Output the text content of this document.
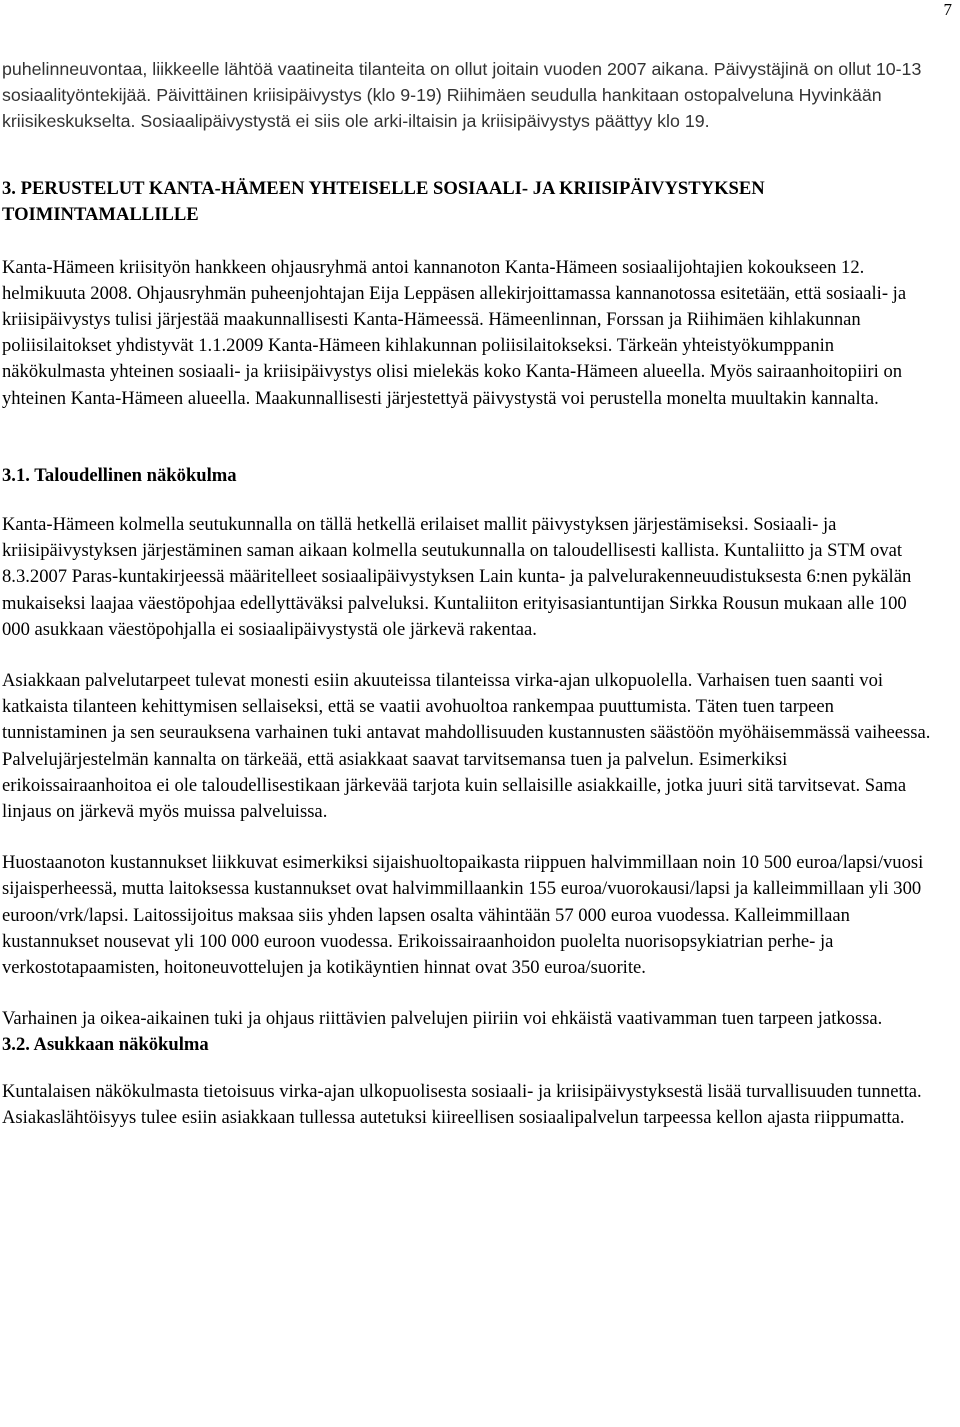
7

puhelinneuvontaa, liikkeelle lähtöä vaatineita tilanteita on ollut joitain vuoden 2007 aikana. Päivystäjinä on ollut 10-13 sosiaalityöntekijää. Päivittäinen kriisipäivystys (klo 9-19) Riihimäen seudulla hankitaan ostopalveluna Hyvinkään kriisikeskukselta. Sosiaalipäivystystä ei siis ole arki-iltaisin ja kriisipäivystys päättyy klo 19.

3. PERUSTELUT KANTA-HÄMEEN YHTEISELLE SOSIAALI- JA KRIISIPÄIVYSTYKSEN TOIMINTAMALLILLE

Kanta-Hämeen kriisityön hankkeen ohjausryhmä antoi kannanoton Kanta-Hämeen sosiaalijohtajien kokoukseen 12. helmikuuta 2008. Ohjausryhmän puheenjohtajan Eija Leppäsen allekirjoittamassa kannanotossa esitetään, että sosiaali- ja kriisipäivystys tulisi järjestää maakunnallisesti Kanta-Hämeessä. Hämeenlinnan, Forssan ja Riihimäen kihlakunnan poliisilaitokset yhdistyvät 1.1.2009 Kanta-Hämeen kihlakunnan poliisilaitokseksi. Tärkeän yhteistyökumppanin näkökulmasta yhteinen sosiaali- ja kriisipäivystys olisi mielekäs koko Kanta-Hämeen alueella. Myös sairaanhoitopiiri on yhteinen Kanta-Hämeen alueella. Maakunnallisesti järjestettyä päivystystä voi perustella monelta muultakin kannalta.

3.1. Taloudellinen näkökulma

Kanta-Hämeen kolmella seutukunnalla on tällä hetkellä erilaiset mallit päivystyksen järjestämiseksi. Sosiaali- ja kriisipäivystyksen järjestäminen saman aikaan kolmella seutukunnalla on taloudellisesti kallista. Kuntaliitto ja STM ovat 8.3.2007 Paras-kuntakirjeessä määritelleet sosiaalipäivystyksen Lain kunta- ja palvelurakenneuudistuksesta 6:nen pykälän mukaiseksi laajaa väestöpohjaa edellyttäväksi palveluksi. Kuntaliiton erityisasiantuntijan Sirkka Rousun mukaan alle 100 000 asukkaan väestöpohjalla ei sosiaalipäivystystä ole järkevä rakentaa.

Asiakkaan palvelutarpeet tulevat monesti esiin akuuteissa tilanteissa virka-ajan ulkopuolella. Varhaisen tuen saanti voi katkaista tilanteen kehittymisen sellaiseksi, että se vaatii avohuoltoa rankempaa puuttumista. Täten tuen tarpeen tunnistaminen ja sen seurauksena varhainen tuki antavat mahdollisuuden kustannusten säästöön myöhäisemmässä vaiheessa. Palvelujärjestelmän kannalta on tärkeää, että asiakkaat saavat tarvitsemansa tuen ja palvelun. Esimerkiksi erikoissairaanhoitoa ei ole taloudellisestikaan järkevää tarjota kuin sellaisille asiakkaille, jotka juuri sitä tarvitsevat. Sama linjaus on järkevä myös muissa palveluissa.

Huostaanoton kustannukset liikkuvat esimerkiksi sijaishuoltopaikasta riippuen halvimmillaan noin 10 500 euroa/lapsi/vuosi sijaisperheessä, mutta laitoksessa kustannukset ovat halvimmillaankin 155 euroa/vuorokausi/lapsi ja kalleimmillaan yli 300 euroon/vrk/lapsi. Laitossijoitus maksaa siis yhden lapsen osalta vähintään 57 000 euroa vuodessa. Kalleimmillaan kustannukset nousevat yli 100 000 euroon vuodessa. Erikoissairaanhoidon puolelta nuorisopsykiatrian perhe- ja verkostotapaamisten, hoitoneuvottelujen ja kotikäyntien hinnat ovat 350 euroa/suorite.

Varhainen ja oikea-aikainen tuki ja ohjaus riittävien palvelujen piiriin voi ehkäistä vaativamman tuen tarpeen jatkossa.

3.2. Asukkaan näkökulma

Kuntalaisen näkökulmasta tietoisuus virka-ajan ulkopuolisesta sosiaali- ja kriisipäivystyksestä lisää turvallisuuden tunnetta. Asiakaslähtöisyys tulee esiin asiakkaan tullessa autetuksi kiireellisen sosiaalipalvelun tarpeessa kellon ajasta riippumatta.
